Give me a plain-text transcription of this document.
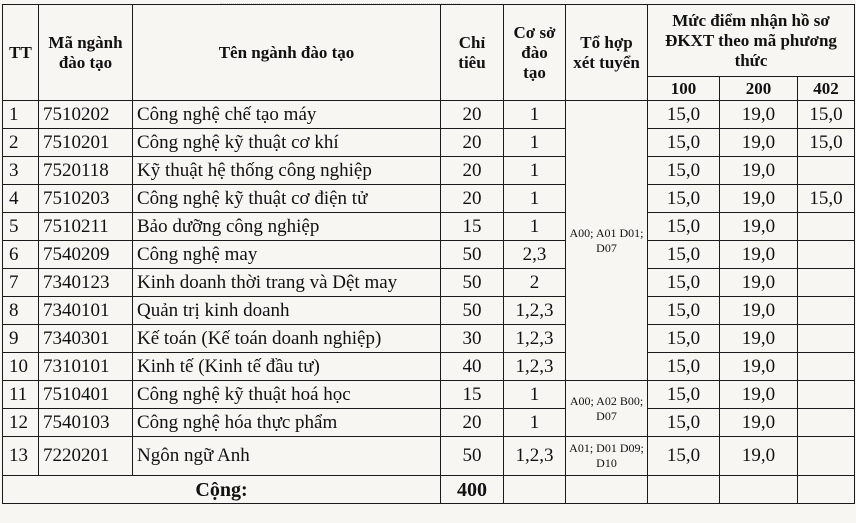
TT	Mã ngành đào tạo	Tên ngành đào tạo	Chỉ tiêu	Cơ sở đào tạo	Tổ hợp xét tuyển	Mức điểm nhận hồ sơ ĐKXT theo mã phương thức		
						100	200	402
1	7510202	Công nghệ chế tạo máy	20	1	A00; A01 D01; D07	15,0	19,0	15,0
2	7510201	Công nghệ kỹ thuật cơ khí	20	1		15,0	19,0	15,0
3	7520118	Kỹ thuật hệ thống công nghiệp	20	1		15,0	19,0	
4	7510203	Công nghệ kỹ thuật cơ điện tử	20	1		15,0	19,0	15,0
5	7510211	Bảo dưỡng công nghiệp	15	1		15,0	19,0	
6	7540209	Công nghệ may	50	2,3		15,0	19,0	
7	7340123	Kinh doanh thời trang và Dệt may	50	2		15,0	19,0	
8	7340101	Quản trị kinh doanh	50	1,2,3		15,0	19,0	
9	7340301	Kế toán (Kế toán doanh nghiệp)	30	1,2,3		15,0	19,0	
10	7310101	Kinh tế (Kinh tế đầu tư)	40	1,2,3		15,0	19,0	
11	7510401	Công nghệ kỹ thuật hoá học	15	1	A00; A02 B00; D07	15,0	19,0	
12	7540103	Công nghệ hóa thực phẩm	20	1		15,0	19,0	
13	7220201	Ngôn ngữ Anh	50	1,2,3	A01; D01 D09; D10	15,0	19,0	
Cộng:			400					
